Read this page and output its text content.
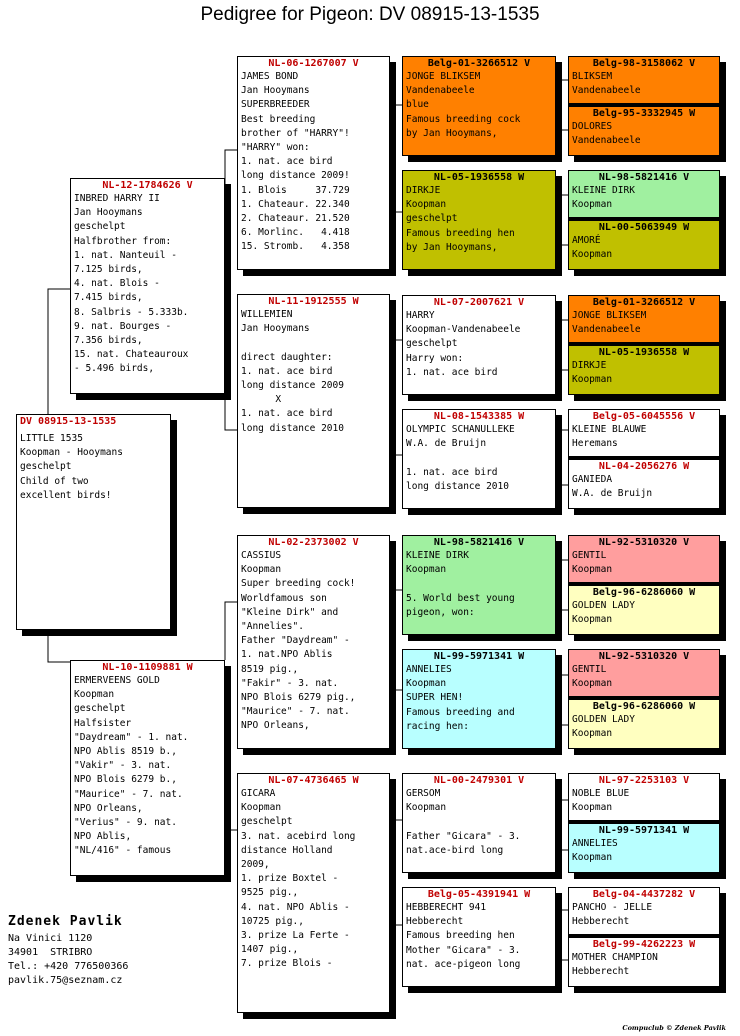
Pedigree for Pigeon: DV 08915-13-1535
DV 08915-13-1535
LITTLE 1535
Koopman - Hooymans
geschelpt
Child of two
excellent birds!
NL-12-1784626 V
INBRED HARRY II
Jan Hooymans
geschelpt
Halfbrother from:
1. nat. Nanteuil -
7.125 birds,
4. nat. Blois -
7.415 birds,
8. Salbris - 5.333b.
9. nat. Bourges -
7.356 birds,
15. nat. Chateauroux
- 5.496 birds,
NL-10-1109881 W
ERMERVEENS GOLD
Koopman
geschelpt
Halfsister
"Daydream" - 1. nat.
NPO Ablis 8519 b.,
"Vakir" - 3. nat.
NPO Blois 6279 b.,
"Maurice" - 7. nat.
NPO Orleans,
"Verius" - 9. nat.
NPO Ablis,
"NL/416" - famous
NL-06-1267007 V
JAMES BOND
Jan Hooymans
SUPERBREEDER
Best breeding
brother of "HARRY"!
"HARRY" won:
1. nat. ace bird
long distance 2009!
1. Blois     37.729
1. Chateaur. 22.340
2. Chateaur. 21.520
6. Morlinc.   4.418
15. Stromb.   4.358
NL-11-1912555 W
WILLEMIEN
Jan Hooymans

direct daughter:
1. nat. ace bird
long distance 2009
X
1. nat. ace bird
long distance 2010
NL-02-2373002 V
CASSIUS
Koopman
Super breeding cock!
Worldfamous son
"Kleine Dirk" and
"Annelies".
Father "Daydream" -
1. nat.NPO Ablis
8519 pig.,
"Fakir" - 3. nat.
NPO Blois 6279 pig.,
"Maurice" - 7. nat.
NPO Orleans,
NL-07-4736465 W
GICARA
Koopman
geschelpt
3. nat. acebird long
distance Holland
2009,
1. prize Boxtel -
9525 pig.,
4. nat. NPO Ablis -
10725 pig.,
3. prize La Ferte -
1407 pig.,
7. prize Blois -
Belg-01-3266512 V
JONGE BLIKSEM
Vandenabeele
blue
Famous breeding cock
by Jan Hooymans,
NL-05-1936558 W
DIRKJE
Koopman
geschelpt
Famous breeding hen
by Jan Hooymans,
NL-07-2007621 V
HARRY
Koopman-Vandenabeele
geschelpt
Harry won:
1. nat. ace bird
NL-08-1543385 W
OLYMPIC SCHANULLEKE
W.A. de Bruijn

1. nat. ace bird
long distance 2010
NL-98-5821416 V
KLEINE DIRK
Koopman

5. World best young
pigeon, won:
NL-99-5971341 W
ANNELIES
Koopman
SUPER HEN!
Famous breeding and
racing hen:
NL-00-2479301 V
GERSOM
Koopman

Father "Gicara" - 3.
nat.ace-bird long
Belg-05-4391941 W
HEBBERECHT 941
Hebberecht
Famous breeding hen
Mother "Gicara" - 3.
nat. ace-pigeon long
Belg-98-3158062 V
BLIKSEM
Vandenabeele
Belg-95-3332945 W
DOLORES
Vandenabeele
NL-98-5821416 V
KLEINE DIRK
Koopman
NL-00-5063949 W
AMORÉ
Koopman
Belg-01-3266512 V
JONGE BLIKSEM
Vandenabeele
NL-05-1936558 W
DIRKJE
Koopman
Belg-05-6045556 V
KLEINE BLAUWE
Heremans
NL-04-2056276 W
GANIEDA
W.A. de Bruijn
NL-92-5310320 V
GENTIL
Koopman
Belg-96-6286060 W
GOLDEN LADY
Koopman
NL-92-5310320 V
GENTIL
Koopman
Belg-96-6286060 W
GOLDEN LADY
Koopman
NL-97-2253103 V
NOBLE BLUE
Koopman
NL-99-5971341 W
ANNELIES
Koopman
Belg-04-4437282 V
PANCHO - JELLE
Hebberecht
Belg-99-4262223 W
MOTHER CHAMPION
Hebberecht
Zdenek Pavlik
Na Vinici 1120
34901  STRIBRO
Tel.: +420 776500366
pavlik.75@seznam.cz
Compuclub © Zdenek Pavlik
